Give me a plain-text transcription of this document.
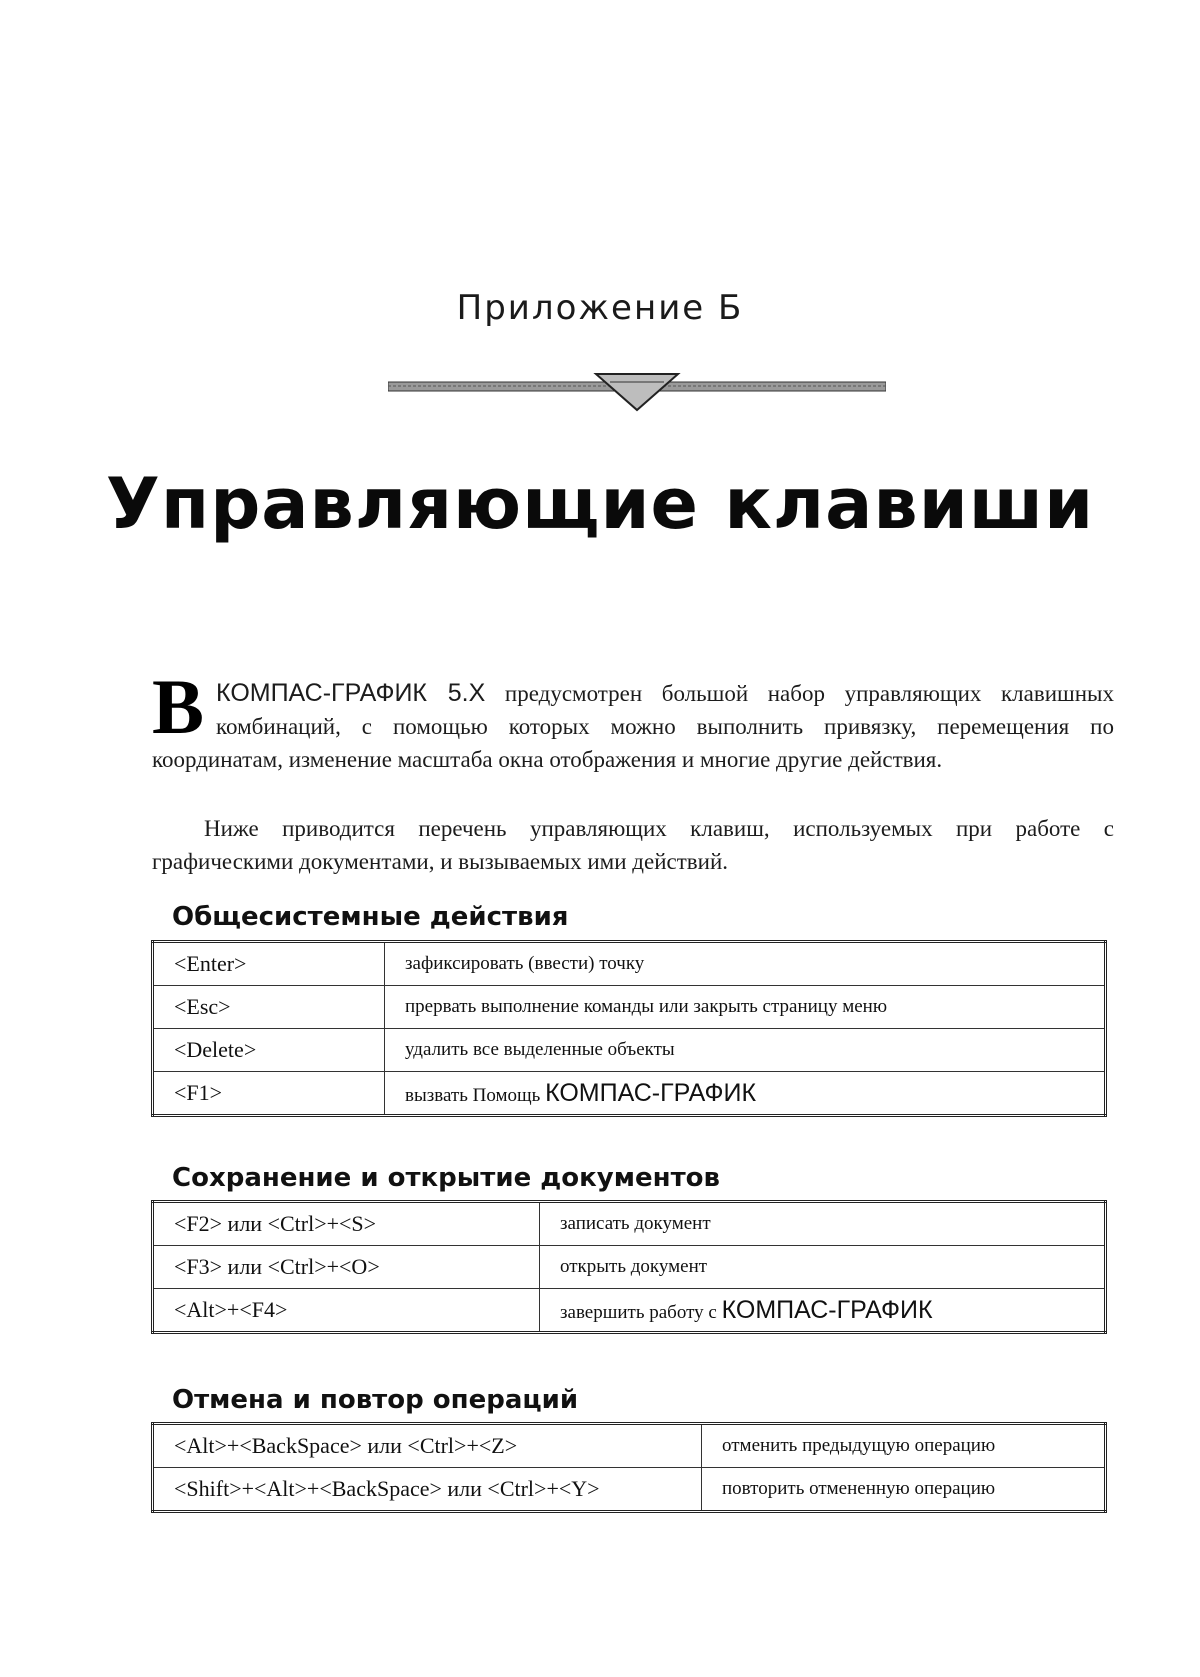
Приложение Б
Управляющие клавиши
В КОМПАС-ГРАФИК 5.X предусмотрен большой набор управляющих клавишных комбинаций, с помощью которых можно выполнить привязку, перемещения по координатам, изменение масштаба окна отображения и многие другие действия.
Ниже приводится перечень управляющих клавиш, используемых при работе с графическими документами, и вызываемых ими действий.
Общесистемные действия
<Enter>	зафиксировать (ввести) точку
<Esc>	прервать выполнение команды или закрыть страницу меню
<Delete>	удалить все выделенные объекты
<F1>	вызвать Помощь КОМПАС-ГРАФИК
Сохранение и открытие документов
<F2> или <Ctrl>+<S>	записать документ
<F3> или <Ctrl>+<O>	открыть документ
<Alt>+<F4>	завершить работу с КОМПАС-ГРАФИК
Отмена и повтор операций
<Alt>+<BackSpace> или <Ctrl>+<Z>	отменить предыдущую операцию
<Shift>+<Alt>+<BackSpace> или <Ctrl>+<Y>	повторить отмененную операцию
